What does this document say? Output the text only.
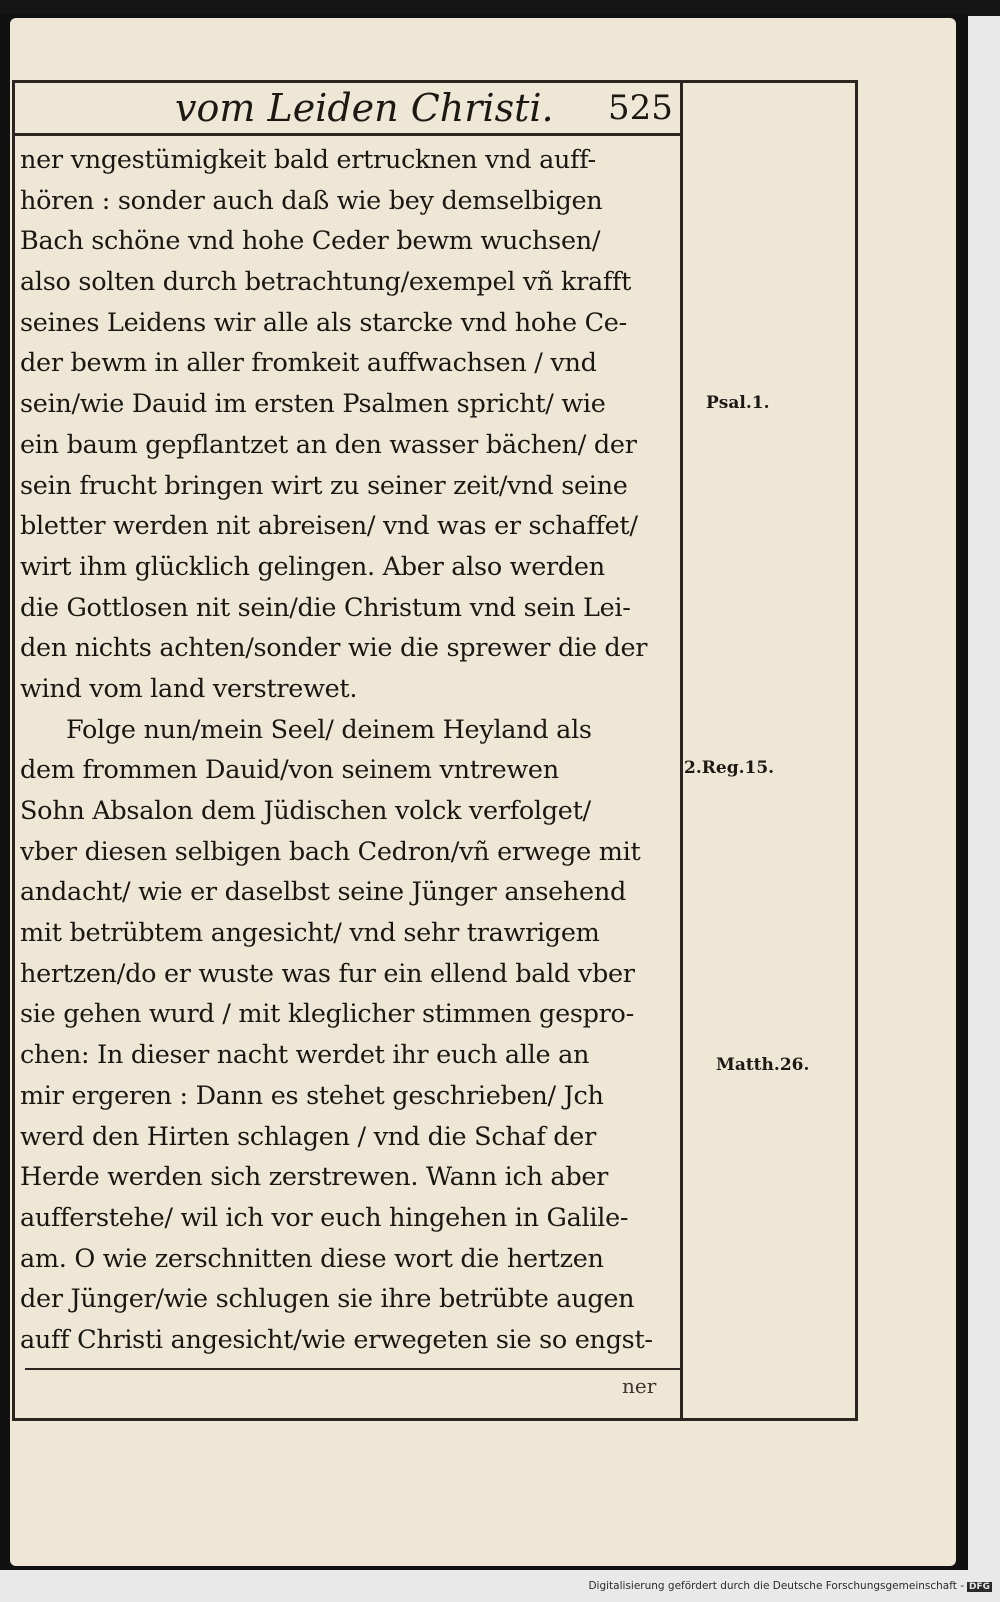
vom Leiden Christi. 525
ner vngestümigkeit bald ertrucknen vnd auff-
hören : sonder auch daß wie bey demselbigen
Bach schöne vnd hohe Ceder bewm wuchsen/
also solten durch betrachtung/exempel vñ krafft
seines Leidens wir alle als starcke vnd hohe Ce-
der bewm in aller fromkeit auffwachsen / vnd
sein/wie Dauid im ersten Psalmen spricht/ wie
ein baum gepflantzet an den wasser bächen/ der
sein frucht bringen wirt zu seiner zeit/vnd seine
bletter werden nit abreisen/ vnd was er schaffet/
wirt ihm glücklich gelingen. Aber also werden
die Gottlosen nit sein/die Christum vnd sein Lei-
den nichts achten/sonder wie die sprewer die der
wind vom land verstrewet.
Folge nun/mein Seel/ deinem Heyland als
dem frommen Dauid/von seinem vntrewen
Sohn Absalon dem Jüdischen volck verfolget/
vber diesen selbigen bach Cedron/vñ erwege mit
andacht/ wie er daselbst seine Jünger ansehend
mit betrübtem angesicht/ vnd sehr trawrigem
hertzen/do er wuste was fur ein ellend bald vber
sie gehen wurd / mit kleglicher stimmen gespro-
chen: In dieser nacht werdet ihr euch alle an
mir ergeren : Dann es stehet geschrieben/ Jch
werd den Hirten schlagen / vnd die Schaf der
Herde werden sich zerstrewen. Wann ich aber
aufferstehe/ wil ich vor euch hingehen in Galile-
am. O wie zerschnitten diese wort die hertzen
der Jünger/wie schlugen sie ihre betrübte augen
auff Christi angesicht/wie erwegeten sie so engst-
Psal.1.
2.Reg.15.
Matth.26.
ner
Digitalisierung gefördert durch die Deutsche Forschungsgemeinschaft - DFG
